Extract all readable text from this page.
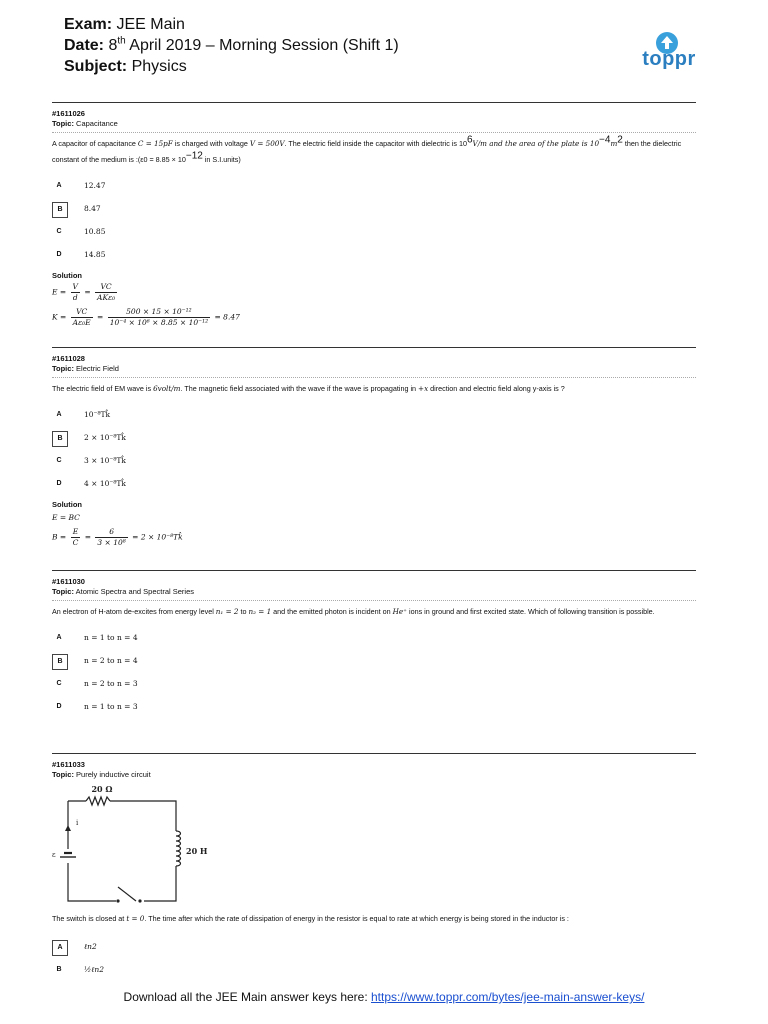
Exam: JEE Main
Date: 8th April 2019 – Morning Session (Shift 1)
Subject: Physics	toppr
#1611026
Topic: Capacitance
A capacitor of capacitance C = 15pF is charged with voltage V = 500V. The electric field inside the capacitor with dielectric is $10^6V/m$ and the area of the plate is $10^{-4}m^2$ then the dielectric constant of the medium is :(ε0 = $8.85 \times 10^{-12}$ in S.I.units)
A	12.47
B	8.47
C	10.85
D	14.85
Solution
$E = \frac{V}{d} = \frac{VC}{\text{AKε₀}}$
$K = \frac{VC}{\text{Aε₀E}} = \frac{\text{500 × 15 × 10⁻¹²}}{\text{10⁻⁴ × 10⁶ × 8.85 × 10⁻¹²}} = 8.47$
#1611028
Topic: Electric Field
The electric field of EM wave is 6volt/m. The magnetic field associated with the wave if the wave is propagating in +x direction and electric field along y-axis is ?
A	10⁻⁸Tk̂
B	2 × 10⁻⁸Tk̂
C	3 × 10⁻⁸Tk̂
D	4 × 10⁻⁸Tk̂
Solution
E = BC
$B = \frac{E}{C} = \frac{6}{\text{3 × 10⁸}} = 2$ × 10⁻⁸Tk̂
#1611030
Topic: Atomic Spectra and Spectral Series
An electron of H-atom de-excites from energy level n₁ = 2 to n₂ = 1 and the emitted photon is incident on He⁺ ions in ground and first excited state. Which of following transition is possible.
A	n = 1 to n = 4
B	n = 2 to n = 4
C	n = 2 to n = 3
D	n = 1 to n = 3
#1611033
Topic: Purely inductive circuit
20 Ω
20 H
i
ε
The switch is closed at t = 0. The time after which the rate of dissipation of energy in the resistor is equal to rate at which energy is being stored in the inductor is :
A	ℓn2
B	½ℓn2
Download all the JEE Main answer keys here: https://www.toppr.com/bytes/jee-main-answer-keys/
